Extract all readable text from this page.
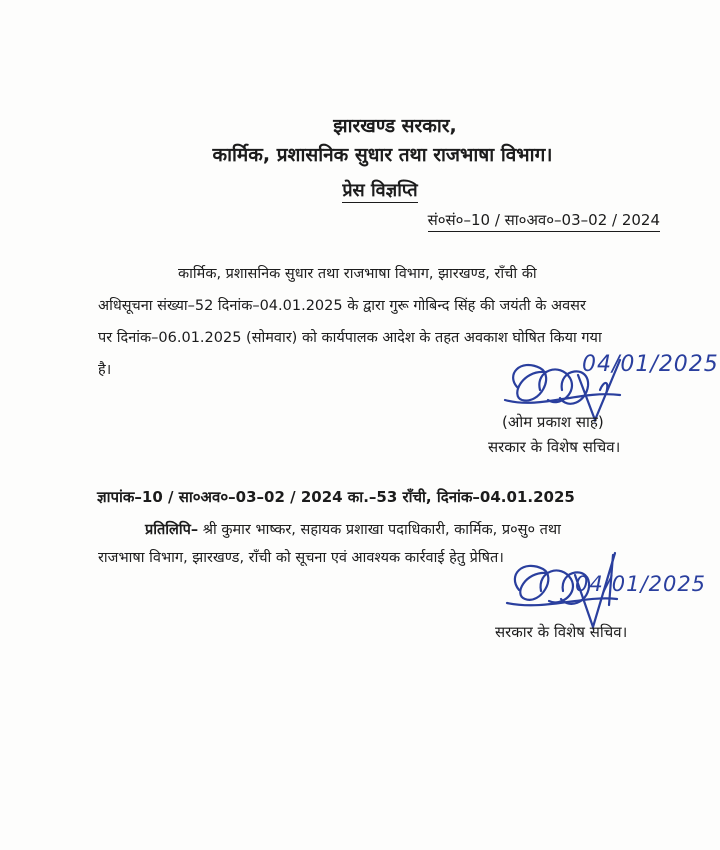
झारखण्ड सरकार,
कार्मिक, प्रशासनिक सुधार तथा राजभाषा विभाग।
प्रेस विज्ञप्ति
सं०सं०–10 / सा०अव०–03–02 / 2024
कार्मिक, प्रशासनिक सुधार तथा राजभाषा विभाग, झारखण्ड, राँची की
अधिसूचना संख्या–52 दिनांक–04.01.2025 के द्वारा गुरू गोबिन्द सिंह की जयंती के अवसर
पर दिनांक–06.01.2025 (सोमवार) को कार्यपालक आदेश के तहत अवकाश घोषित किया गया
है।	04/01/2025
(ओम प्रकाश साह)
सरकार के विशेष सचिव।
ज्ञापांक–10 / सा०अव०–03–02 / 2024 का.–53 राँची, दिनांक–04.01.2025
प्रतिलिपि– श्री कुमार भाष्कर, सहायक प्रशाखा पदाधिकारी, कार्मिक, प्र०सु० तथा
राजभाषा विभाग, झारखण्ड, राँची को सूचना एवं आवश्यक कार्रवाई हेतु प्रेषित।
04/01/2025
सरकार के विशेष सचिव।
